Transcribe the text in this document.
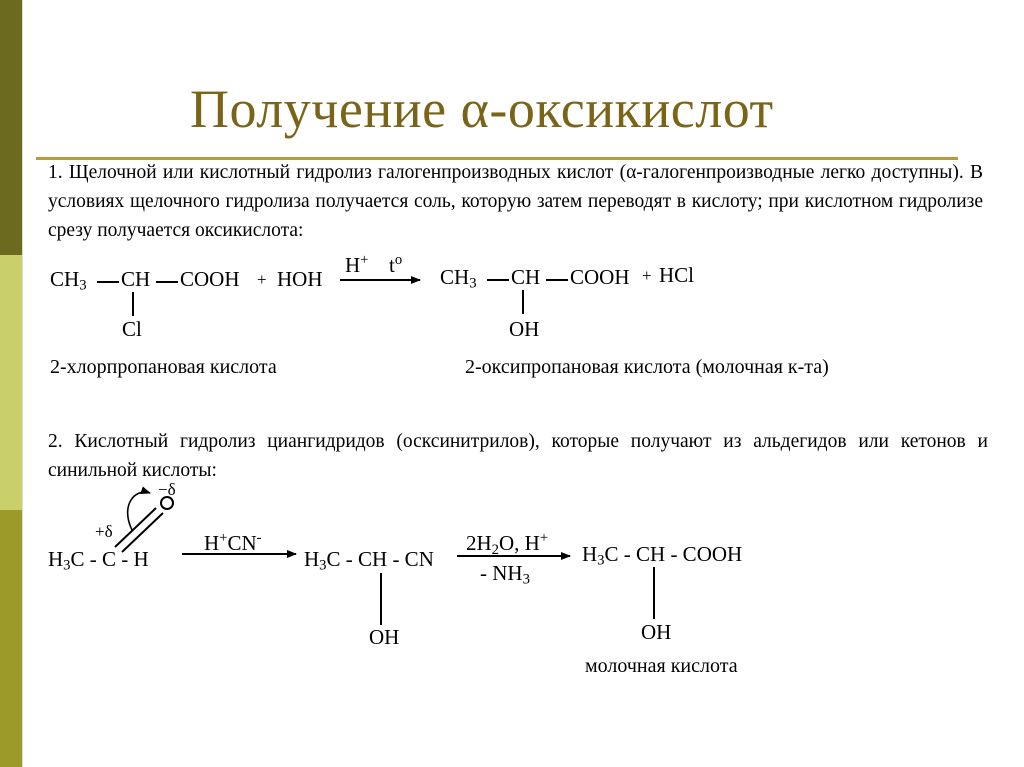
Получение α-оксикислот
1. Щелочной или кислотный гидролиз галогенпроизводных кислот (α-галогенпроизводные легко доступны). В условиях щелочного гидролиза получается соль, которую затем переводят в кислоту; при кислотном гидролизе срезу получается оксикислота:
$CH_3$ CH COOH
Cl
+ HOH
H+ $t^o$
$CH_3$ CH COOH
OH
+ HCl
2-хлорпропановая кислота	2-оксипропановая кислота (молочная к-та)
2. Кислотный гидролиз циангидридов (осксинитрилов), которые получают из альдегидов или кетонов и синильной кислоты:
+δ
−δ
$H_3C$ - C - H
H+CN-
$H_3C$ - CH - CN
OH
$2H_2O$, H+
- $NH_3$
$H_3C$ - CH - COOH
OH
молочная кислота
